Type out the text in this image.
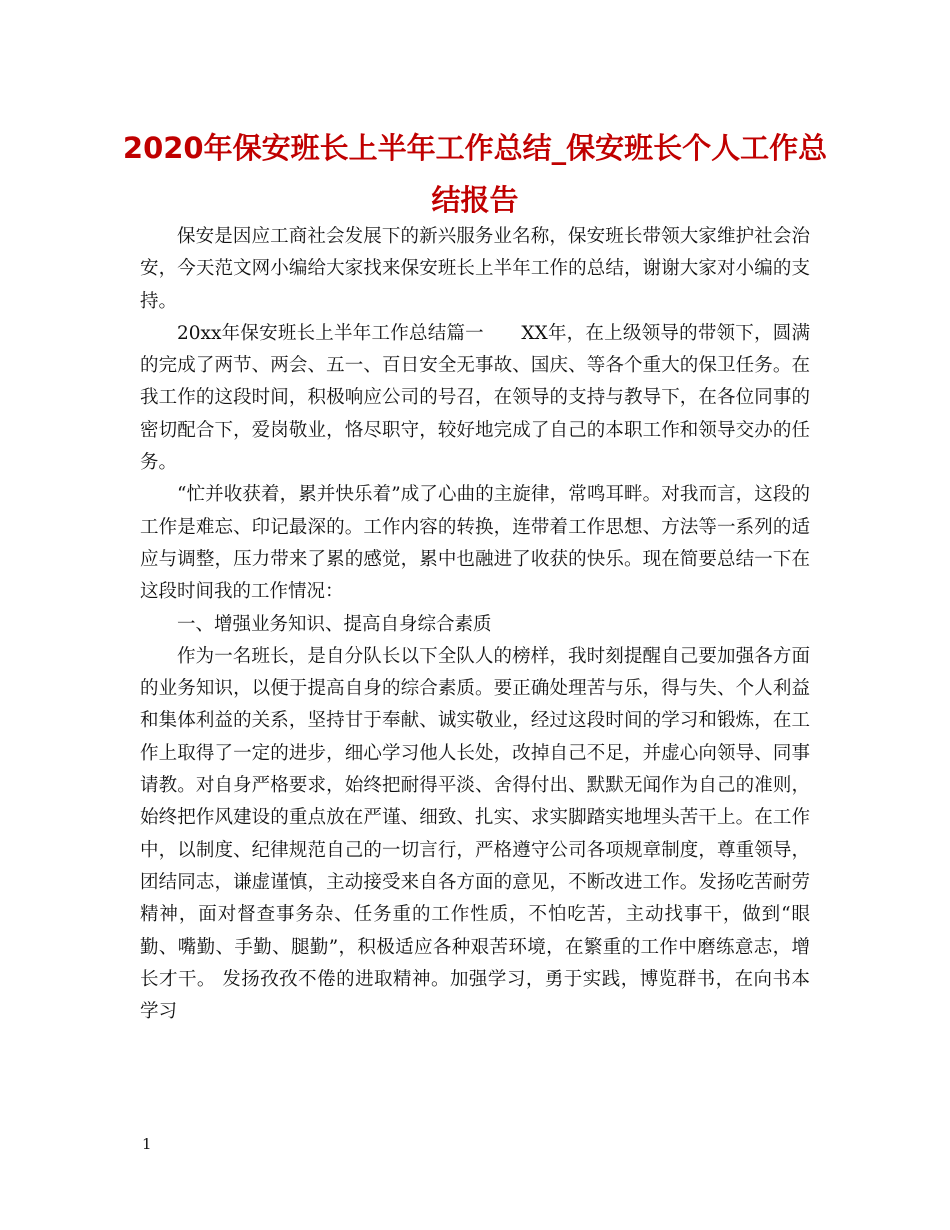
2020年保安班长上半年工作总结_保安班长个人工作总结报告

保安是因应工商社会发展下的新兴服务业名称，保安班长带领大家维护社会治安，今天范文网小编给大家找来保安班长上半年工作的总结，谢谢大家对小编的支持。

20xx年保安班长上半年工作总结篇一　　XX年，在上级领导的带领下，圆满的完成了两节、两会、五一、百日安全无事故、国庆、等各个重大的保卫任务。在我工作的这段时间，积极响应公司的号召，在领导的支持与教导下，在各位同事的密切配合下，爱岗敬业，恪尽职守，较好地完成了自己的本职工作和领导交办的任务。

“忙并收获着，累并快乐着”成了心曲的主旋律，常鸣耳畔。对我而言，这段的工作是难忘、印记最深的。工作内容的转换，连带着工作思想、方法等一系列的适应与调整，压力带来了累的感觉，累中也融进了收获的快乐。现在简要总结一下在这段时间我的工作情况：

一、增强业务知识、提高自身综合素质

作为一名班长，是自分队长以下全队人的榜样，我时刻提醒自己要加强各方面的业务知识，以便于提高自身的综合素质。要正确处理苦与乐，得与失、个人利益和集体利益的关系，坚持甘于奉献、诚实敬业，经过这段时间的学习和锻炼，在工作上取得了一定的进步，细心学习他人长处，改掉自己不足，并虚心向领导、同事请教。对自身严格要求，始终把耐得平淡、舍得付出、默默无闻作为自己的准则，始终把作风建设的重点放在严谨、细致、扎实、求实脚踏实地埋头苦干上。在工作中，以制度、纪律规范自己的一切言行，严格遵守公司各项规章制度，尊重领导，团结同志，谦虚谨慎，主动接受来自各方面的意见，不断改进工作。发扬吃苦耐劳精神，面对督查事务杂、任务重的工作性质，不怕吃苦，主动找事干，做到“眼勤、嘴勤、手勤、腿勤”，积极适应各种艰苦环境，在繁重的工作中磨练意志，增长才干。 发扬孜孜不倦的进取精神。加强学习，勇于实践，博览群书，在向书本学习

1
